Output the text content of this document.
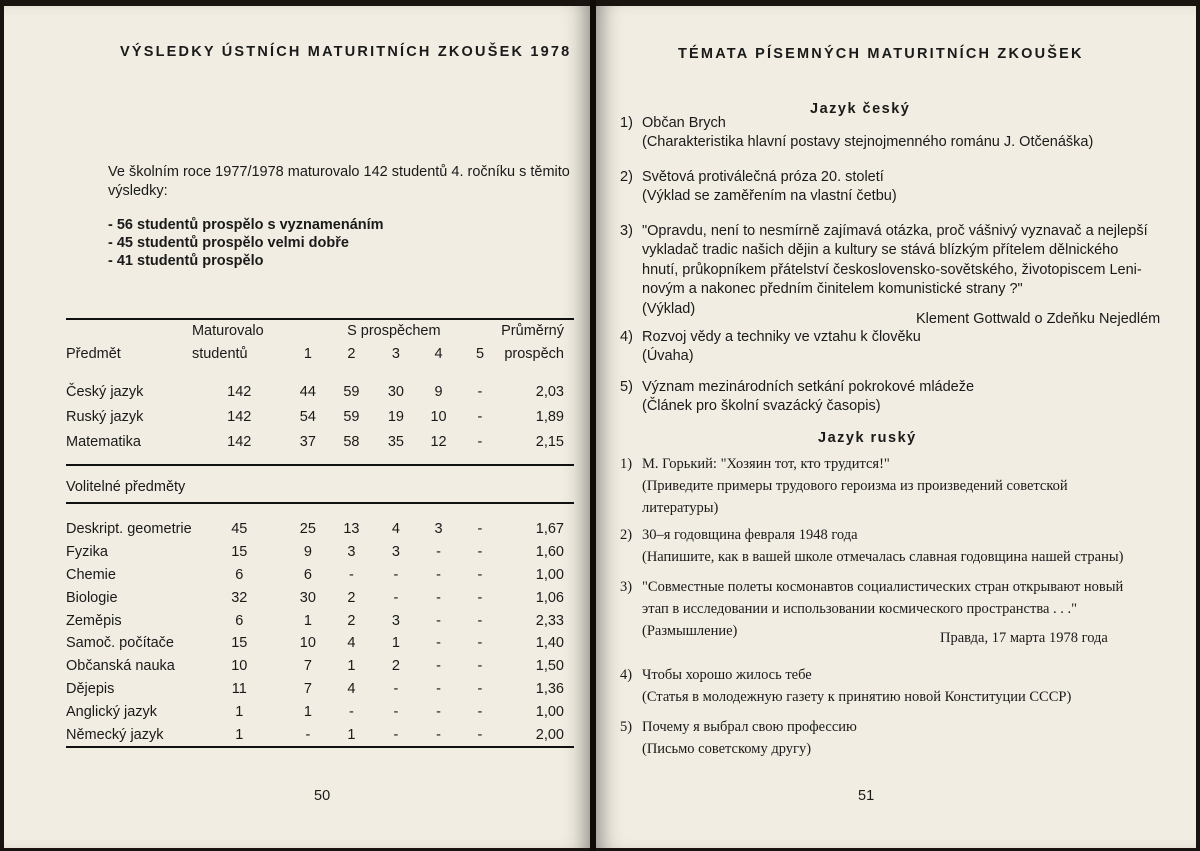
VÝSLEDKY ÚSTNÍCH MATURITNÍCH ZKOUŠEK 1978
Ve školním roce 1977/1978 maturovalo 142 studentů 4. ročníku s těmito
výsledky:
- 56 studentů prospělo s vyznamenáním
- 45 studentů prospělo velmi dobře
- 41 studentů prospělo
	Maturovalo	S prospěchem					Průměrný
Předmět	studentů	1	2	3	4	5	prospěch

Český jazyk	142	44	59	30	9	-	2,03
Ruský jazyk	142	54	59	19	10	-	1,89
Matematika	142	37	58	35	12	-	2,15

Volitelné předměty							

Deskript. geometrie	45	25	13	4	3	-	1,67
Fyzika	15	9	3	3	-	-	1,60
Chemie	6	6	-	-	-	-	1,00
Biologie	32	30	2	-	-	-	1,06
Zeměpis	6	1	2	3	-	-	2,33
Samoč. počítače	15	10	4	1	-	-	1,40
Občanská nauka	10	7	1	2	-	-	1,50
Dějepis	11	7	4	-	-	-	1,36
Anglický jazyk	1	1	-	-	-	-	1,00
Německý jazyk	1	-	1	-	-	-	2,00

50
TÉMATA PÍSEMNÝCH MATURITNÍCH ZKOUŠEK
Jazyk český
1) Občan Brych
(Charakteristika hlavní postavy stejnojmenného románu J. Otčenáška)
2) Světová protiválečná próza 20. století
(Výklad se zaměřením na vlastní četbu)
3) "Opravdu, není to nesmírně zajímavá otázka, proč vášnivý vyznavač a nejlepší
vykladač tradic našich dějin a kultury se stává blízkým přítelem dělnického
hnutí, průkopníkem přátelství československo-sovětského, životopiscem Leni-
novým a nakonec předním činitelem komunistické strany ?"
(Výklad)
4) Rozvoj vědy a techniky ve vztahu k člověku
(Úvaha)
5) Význam mezinárodních setkání pokrokové mládeže
(Článek pro školní svazácký časopis)
Klement Gottwald o Zdeňku Nejedlém
Jazyk ruský
1) М. Горький: "Хозяин тот, кто трудится!"
(Приведите примеры трудового героизма из произведений советской
литературы)
2) 30–я годовщина февраля 1948 года
(Напишите, как в вашей школе отмечалась славная годовщина нашей страны)
3) "Совместные полеты космонавтов социалистических стран открывают новый
этап в исследовании и использовании космического пространства . . ."
(Размышление)
4) Чтобы хорошо жилось тебе
(Статья в молодежную газету к принятию новой Конституции СССР)
5) Почему я выбрал свою профессию
(Письмо советскому другу)
Правда, 17 марта 1978 года
51
